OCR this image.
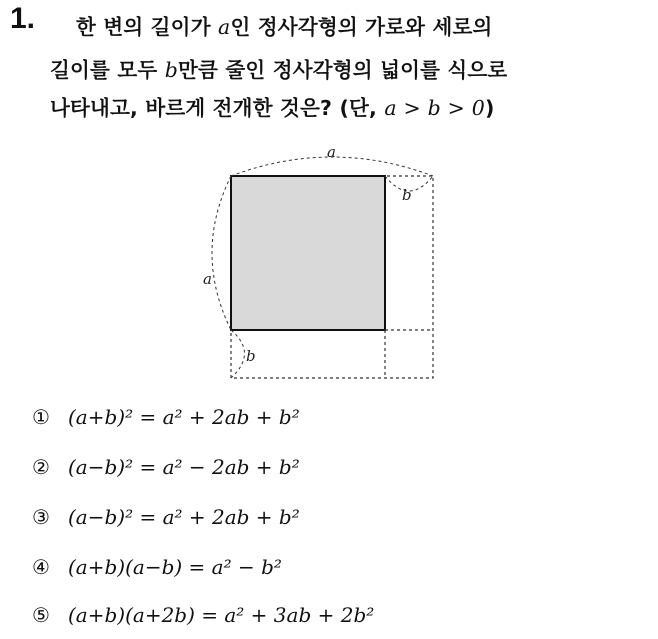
1. 한 변의 길이가 a인 정사각형의 가로와 세로의
길이를 모두 b만큼 줄인 정사각형의 넓이를 식으로
나타내고, 바르게 전개한 것은? (단, a > b > 0)
a
a
b
b
① (a+b)² = a² + 2ab + b²
② (a−b)² = a² − 2ab + b²
③ (a−b)² = a² + 2ab + b²
④ (a+b)(a−b) = a² − b²
⑤ (a+b)(a+2b) = a² + 3ab + 2b²
